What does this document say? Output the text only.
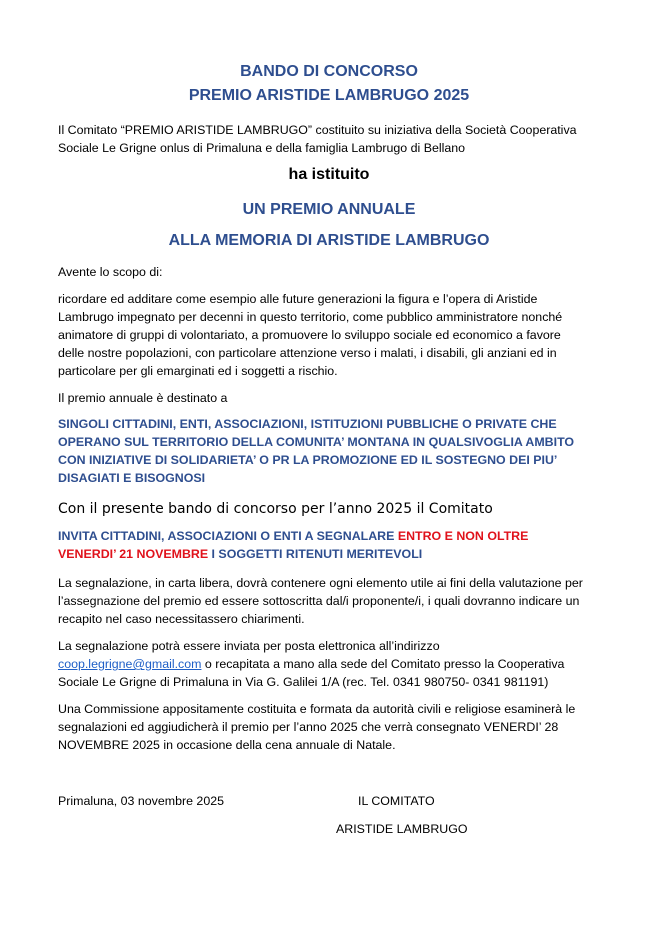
BANDO DI CONCORSO
PREMIO ARISTIDE LAMBRUGO 2025
Il Comitato “PREMIO ARISTIDE LAMBRUGO” costituito su iniziativa della Società Cooperativa
Sociale Le Grigne onlus di Primaluna e della famiglia Lambrugo di Bellano
ha istituito
UN PREMIO ANNUALE
ALLA MEMORIA DI ARISTIDE LAMBRUGO
Avente lo scopo di:
ricordare ed additare come esempio alle future generazioni la figura e l’opera di Aristide
Lambrugo impegnato per decenni in questo territorio, come pubblico amministratore nonché
animatore di gruppi di volontariato, a promuovere lo sviluppo sociale ed economico a favore
delle nostre popolazioni, con particolare attenzione verso i malati, i disabili, gli anziani ed in
particolare per gli emarginati ed i soggetti a rischio.
Il premio annuale è destinato a
SINGOLI CITTADINI, ENTI, ASSOCIAZIONI, ISTITUZIONI PUBBLICHE O PRIVATE CHE
OPERANO SUL TERRITORIO DELLA COMUNITA’ MONTANA IN QUALSIVOGLIA AMBITO
CON INIZIATIVE DI SOLIDARIETA’ O PR LA PROMOZIONE ED IL SOSTEGNO DEI PIU’
DISAGIATI E BISOGNOSI
Con il presente bando di concorso per l’anno 2025 il Comitato
INVITA CITTADINI, ASSOCIAZIONI O ENTI A SEGNALARE ENTRO E NON OLTRE
VENERDI’ 21 NOVEMBRE I SOGGETTI RITENUTI MERITEVOLI
La segnalazione, in carta libera, dovrà contenere ogni elemento utile ai fini della valutazione per
l’assegnazione del premio ed essere sottoscritta dal/i proponente/i, i quali dovranno indicare un
recapito nel caso necessitassero chiarimenti.
La segnalazione potrà essere inviata per posta elettronica all’indirizzo
coop.legrigne@gmail.com o recapitata a mano alla sede del Comitato presso la Cooperativa
Sociale Le Grigne di Primaluna in Via G. Galilei 1/A (rec. Tel. 0341 980750- 0341 981191)
Una Commissione appositamente costituita e formata da autorità civili e religiose esaminerà le
segnalazioni ed aggiudicherà il premio per l’anno 2025 che verrà consegnato VENERDI’ 28
NOVEMBRE 2025 in occasione della cena annuale di Natale.
Primaluna, 03 novembre 2025	IL COMITATO
ARISTIDE LAMBRUGO
